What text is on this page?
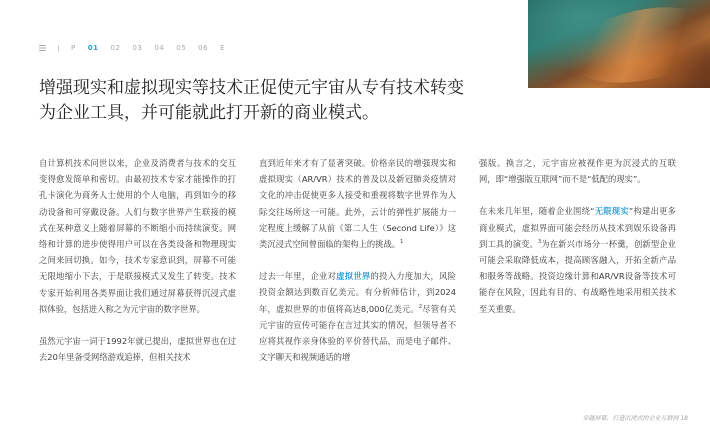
P 01 02 03 04 05 06 E
增强现实和虚拟现实等技术正促使元宇宙从专有技术转变
为企业工具，并可能就此打开新的商业模式。

自计算机技术问世以来，企业及消费者与技术的交互变得愈发简单和密切。由最初技术专家才能操作的打孔卡演化为商务人士使用的个人电脑，再到如今的移动设备和可穿戴设备。人们与数字世界产生联接的模式在某种意义上随着屏幕的不断缩小而持续演变。网络和计算的进步使得用户可以在各类设备和物理现实之间来回切换。如今，技术专家意识到，屏幕不可能无限地缩小下去，于是联接模式又发生了转变。技术专家开始利用各类界面让我们通过屏幕获得沉浸式虚拟体验，包括进入称之为元宇宙的数字世界。

虽然元宇宙一词于1992年就已提出，虚拟世界也在过去20年里备受网络游戏追捧，但相关技术

直到近年来才有了显著突破。价格亲民的增强现实和虚拟现实（AR/VR）技术的普及以及新冠肺炎疫情对文化的冲击促使更多人接受和重视将数字世界作为人际交往场所这一可能。此外，云计的弹性扩展能力一定程度上缓解了从前《第二人生（Second Life）》这类沉浸式空间曾面临的架构上的挑战。$^1$

过去一年里，企业对虚拟世界的投入力度加大，风险投资金额达到数百亿美元。有分析师估计，到2024年，虚拟世界的市值将高达8,000亿美元。$^2$尽管有关元宇宙的宣传可能存在言过其实的情况，但领导者不应将其视作亲身体验的平价替代品，而是电子邮件、文字聊天和视频通话的增

强版。换言之，元宇宙应被视作更为沉浸式的互联网，即“增强版互联网”而不是“低配的现实”。

在未来几年里，随着企业围绕“无限现实”构建出更多商业模式，虚拟界面可能会经历从技术到娱乐设备再到工具的演变。$^3$为在新兴市场分一杯羹，创新型企业可能会采取降低成本，提高顾客融入，开拓全新产品和服务等战略。投资边缘计算和AR/VR设备等技术可能存在风险，因此有目的、有战略性地采用相关技术至关重要。

穿越屏幕，打造沉浸式的企业互联网 18
